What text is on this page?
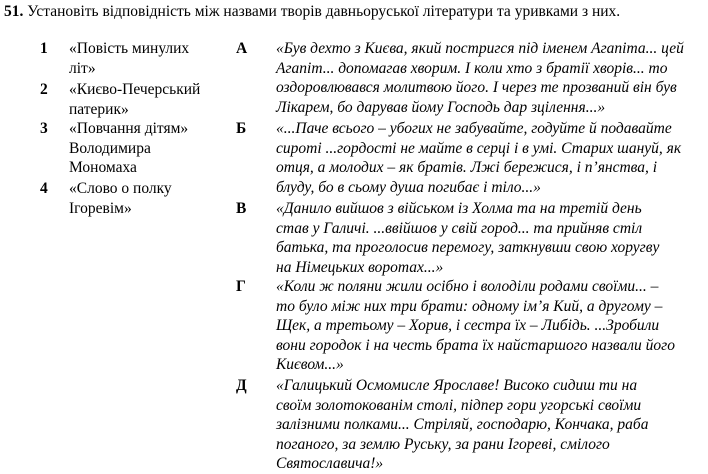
51. Установіть відповідність між назвами творів давньоруської літератури та уривками з них.
1 «Повість минулих
літ»
2 «Києво-Печерський
патерик»
3 «Повчання дітям»
Володимира
Мономаха
4 «Слово о полку
Ігоревім»
А «Був дехто з Києва, який постригся під іменем Агапіта... цей
Агапіт... допомагав хворим. І коли хто з братії хворів... то
оздоровлювався молитвою його. І через те прозваний він був
Лікарем, бо дарував йому Господь дар зцілення...»
Б «...Паче всього – убогих не забувайте, годуйте й подавайте
сироті ...гордості не майте в серці і в умі. Старих шануй, як
отця, а молодих – як братів. Лжі бережися, і п’янства, і
блуду, бо в сьому душа погибає і тіло...»
В «Данило вийшов з військом із Холма та на третій день
став у Галичі. ...ввійшов у свій город... та прийняв стіл
батька, та проголосив перемогу, заткнувши свою хоругву
на Німецьких воротах...»
Г «Коли ж поляни жили осібно і володіли родами своїми... –
то було між них три брати: одному ім’я Кий, а другому –
Щек, а третьому – Хорив, і сестра їх – Либідь. ...Зробили
вони городок і на честь брата їх найстаршого назвали його
Києвом...»
Д «Галицький Осмомисле Ярославе! Високо сидиш ти на
своїм золотокованім столі, підпер гори угорські своїми
залізними полками... Стріляй, господарю, Кончака, раба
поганого, за землю Руську, за рани Ігореві, смілого
Святославича!»
